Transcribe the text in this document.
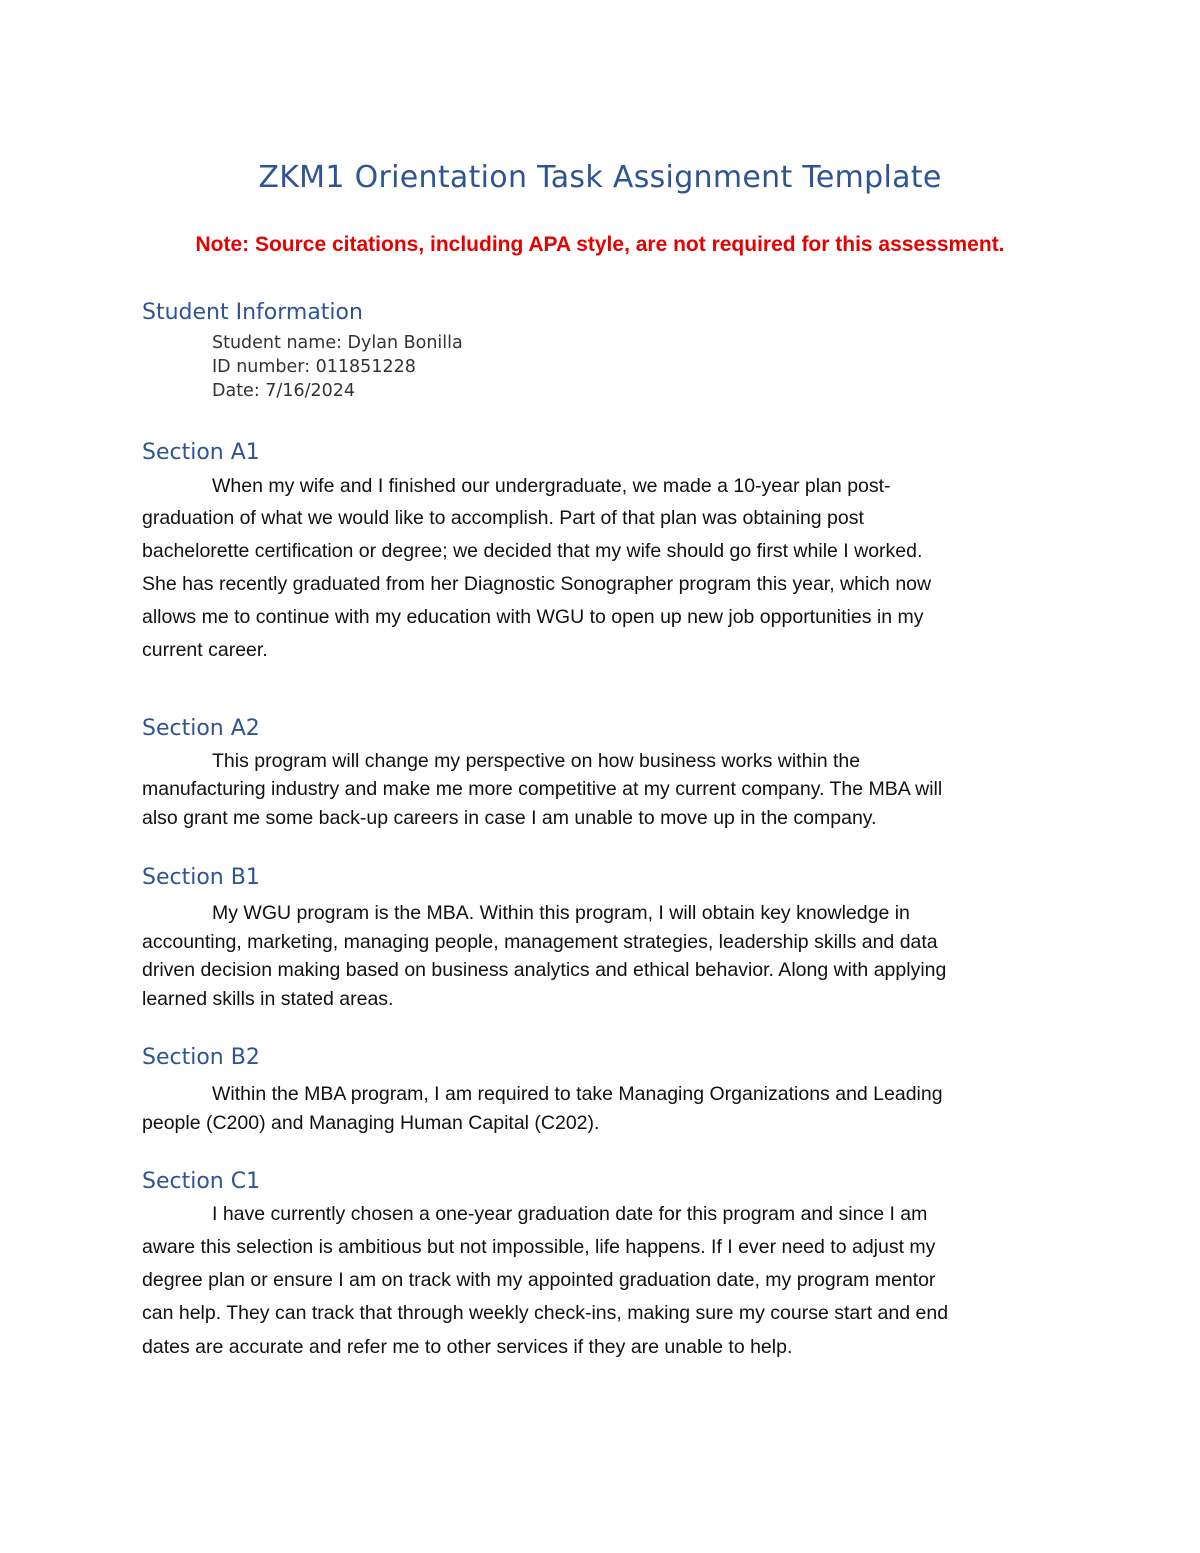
ZKM1 Orientation Task Assignment Template
Note: Source citations, including APA style, are not required for this assessment.
Student Information
Student name: Dylan Bonilla
ID number: 011851228
Date: 7/16/2024
Section A1
When my wife and I finished our undergraduate, we made a 10-year plan post-
graduation of what we would like to accomplish. Part of that plan was obtaining post
bachelorette certification or degree; we decided that my wife should go first while I worked.
She has recently graduated from her Diagnostic Sonographer program this year, which now
allows me to continue with my education with WGU to open up new job opportunities in my
current career.
Section A2
This program will change my perspective on how business works within the
manufacturing industry and make me more competitive at my current company. The MBA will
also grant me some back-up careers in case I am unable to move up in the company.
Section B1
My WGU program is the MBA. Within this program, I will obtain key knowledge in
accounting, marketing, managing people, management strategies, leadership skills and data
driven decision making based on business analytics and ethical behavior. Along with applying
learned skills in stated areas.
Section B2
Within the MBA program, I am required to take Managing Organizations and Leading
people (C200) and Managing Human Capital (C202).
Section C1
I have currently chosen a one-year graduation date for this program and since I am
aware this selection is ambitious but not impossible, life happens. If I ever need to adjust my
degree plan or ensure I am on track with my appointed graduation date, my program mentor
can help. They can track that through weekly check-ins, making sure my course start and end
dates are accurate and refer me to other services if they are unable to help.
